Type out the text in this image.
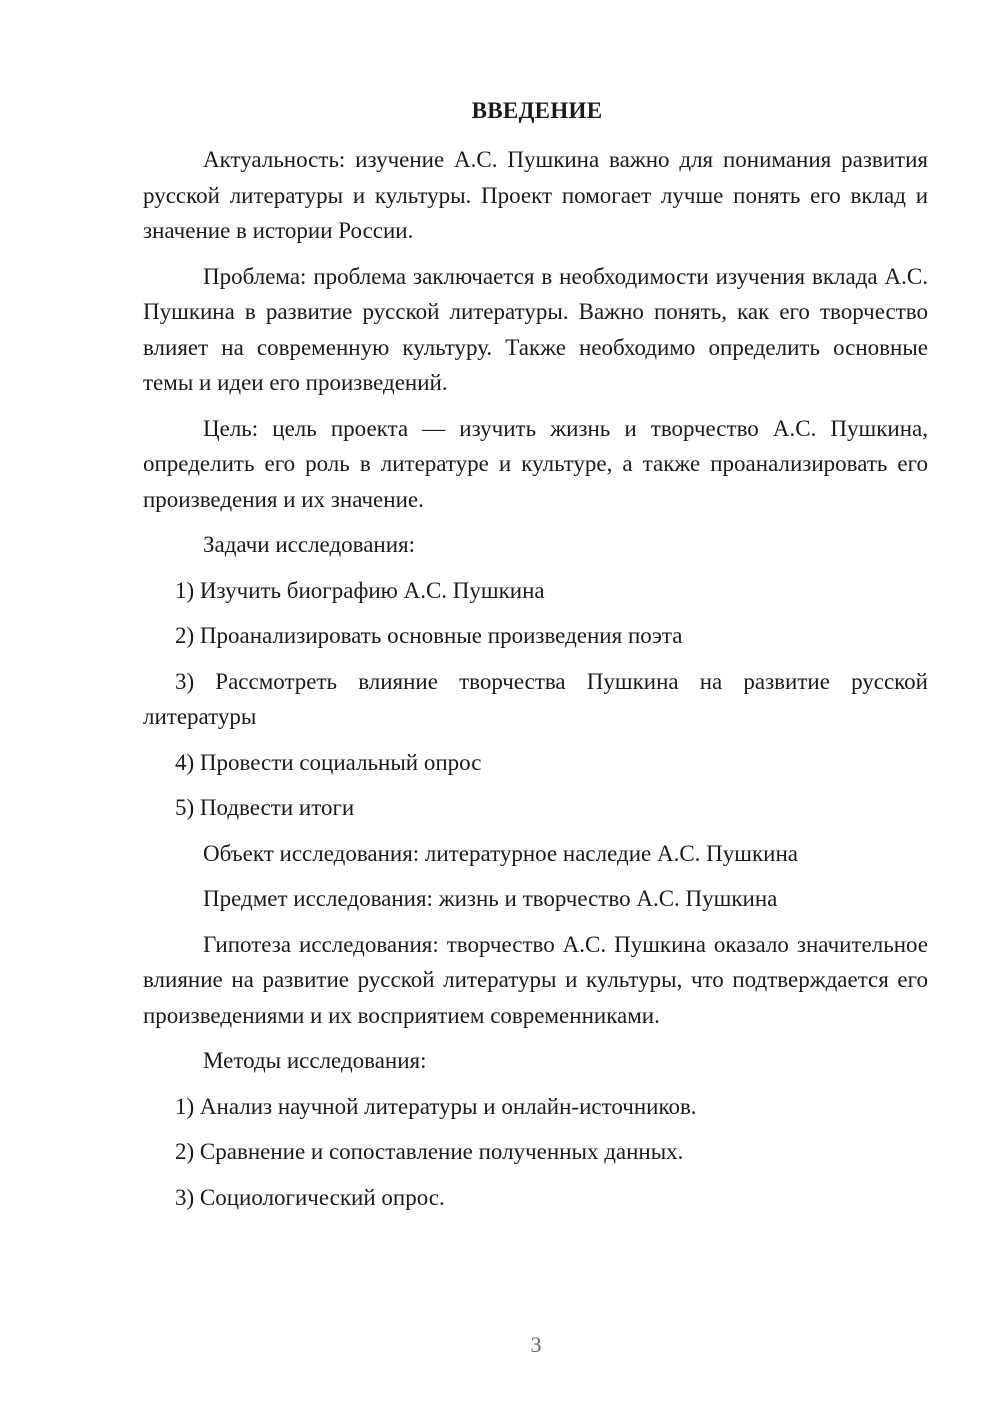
ВВЕДЕНИЕ

Актуальность: изучение А.С. Пушкина важно для понимания развития русской литературы и культуры. Проект помогает лучше понять его вклад и значение в истории России.

Проблема: проблема заключается в необходимости изучения вклада А.С. Пушкина в развитие русской литературы. Важно понять, как его творчество влияет на современную культуру. Также необходимо определить основные темы и идеи его произведений.

Цель: цель проекта — изучить жизнь и творчество А.С. Пушкина, определить его роль в литературе и культуре, а также проанализировать его произведения и их значение.

Задачи исследования:

1) Изучить биографию А.С. Пушкина

2) Проанализировать основные произведения поэта

3) Рассмотреть влияние творчества Пушкина на развитие русской литературы

4) Провести социальный опрос

5) Подвести итоги

Объект исследования: литературное наследие А.С. Пушкина

Предмет исследования: жизнь и творчество А.С. Пушкина

Гипотеза исследования: творчество А.С. Пушкина оказало значительное влияние на развитие русской литературы и культуры, что подтверждается его произведениями и их восприятием современниками.

Методы исследования:

1) Анализ научной литературы и онлайн-источников.

2) Сравнение и сопоставление полученных данных.

3) Социологический опрос.

3
